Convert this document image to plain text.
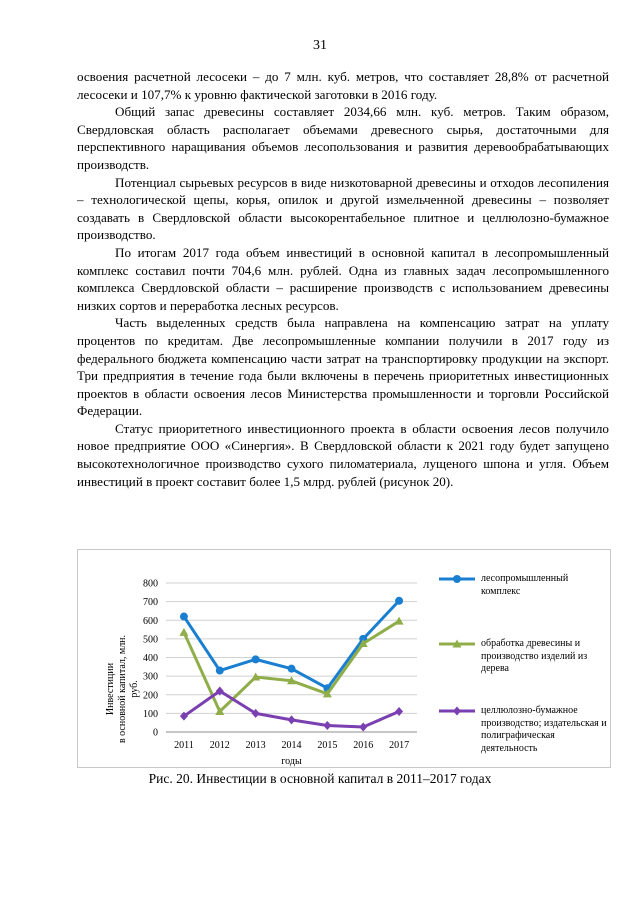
31

освоения расчетной лесосеки – до 7 млн. куб. метров, что составляет 28,8% от расчетной лесосеки и 107,7% к уровню фактической заготовки в 2016 году.

Общий запас древесины составляет 2034,66 млн. куб. метров. Таким образом, Свердловская область располагает объемами древесного сырья, достаточными для перспективного наращивания объемов лесопользования и развития деревообрабатывающих производств.

Потенциал сырьевых ресурсов в виде низкотоварной древесины и отходов лесопиления – технологической щепы, корья, опилок и другой измельченной древесины – позволяет создавать в Свердловской области высокорентабельное плитное и целлюлозно-бумажное производство.

По итогам 2017 года объем инвестиций в основной капитал в лесопромышленный комплекс составил почти 704,6 млн. рублей. Одна из главных задач лесопромышленного комплекса Свердловской области – расширение производств с использованием древесины низких сортов и переработка лесных ресурсов.

Часть выделенных средств была направлена на компенсацию затрат на уплату процентов по кредитам. Две лесопромышленные компании получили в 2017 году из федерального бюджета компенсацию части затрат на транспортировку продукции на экспорт. Три предприятия в течение года были включены в перечень приоритетных инвестиционных проектов в области освоения лесов Министерства промышленности и торговли Российской Федерации.

Статус приоритетного инвестиционного проекта в области освоения лесов получило новое предприятие ООО «Синергия». В Свердловской области к 2021 году будет запущено высокотехнологичное производство сухого пиломатериала, лущеного шпона и угля. Объем инвестиций в проект составит более 1,5 млрд. рублей (рисунок 20).

0
100
200
300
400
500
600
700
800
2011 2012 2013 2014 2015 2016 2017
годы
Инвестиции в основной капитал, млн. руб.
лесопромышленный комплекс
обработка древесины и производство изделий из дерева
целлюлозно-бумажное производство; издательская и полиграфическая деятельность
Рис. 20. Инвестиции в основной капитал в 2011–2017 годах
